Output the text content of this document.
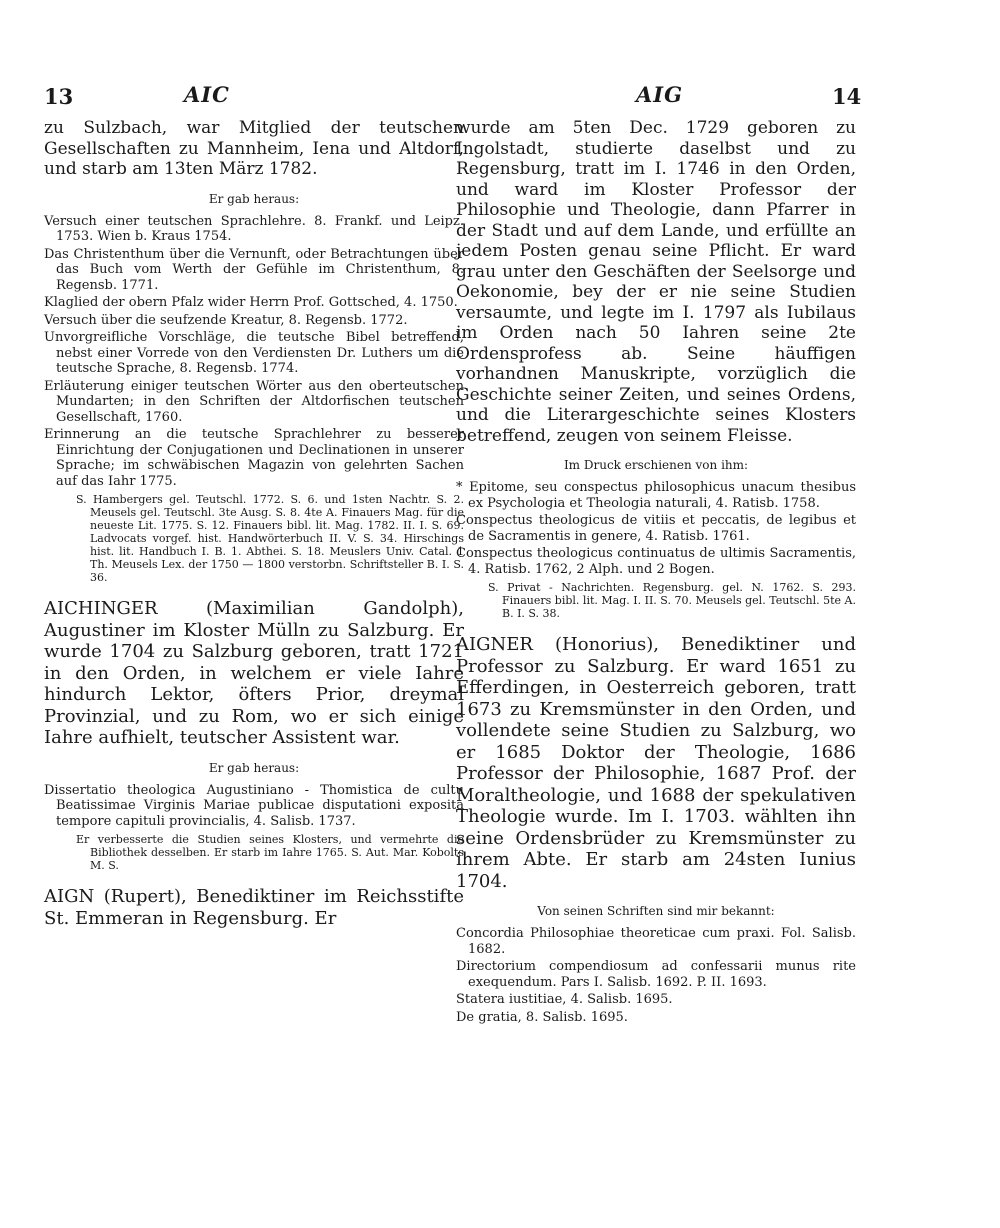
13	AIC	AIG	14

zu Sulzbach, war Mitglied der teutschen Gesellschaften zu Mannheim, Iena und Altdorf, und starb am 13ten März 1782.

Er gab heraus:

Versuch einer teutschen Sprachlehre. 8. Frankf. und Leipz. 1753. Wien b. Kraus 1754.

Das Christenthum über die Vernunft, oder Betrachtungen über das Buch vom Werth der Gefühle im Christenthum, 8. Regensb. 1771.

Klaglied der obern Pfalz wider Herrn Prof. Gottsched, 4. 1750.

Versuch über die seufzende Kreatur, 8. Regensb. 1772.

Unvorgreifliche Vorschläge, die teutsche Bibel betreffend, nebst einer Vorrede von den Verdiensten Dr. Luthers um die teutsche Sprache, 8. Regensb. 1774.

Erläuterung einiger teutschen Wörter aus den oberteutschen Mundarten; in den Schriften der Altdorfischen teutschen Gesellschaft, 1760.

Erinnerung an die teutsche Sprachlehrer zu besserer Einrichtung der Conjugationen und Declinationen in unserer Sprache; im schwäbischen Magazin von gelehrten Sachen auf das Iahr 1775.

S. Hambergers gel. Teutschl. 1772. S. 6. und 1sten Nachtr. S. 2. Meusels gel. Teutschl. 3te Ausg. S. 8. 4te A. Finauers Mag. für die neueste Lit. 1775. S. 12. Finauers bibl. lit. Mag. 1782. II. I. S. 69. Ladvocats vorgef. hist. Handwörterbuch II. V. S. 34. Hirschings hist. lit. Handbuch I. B. 1. Abthei. S. 18. Meuslers Univ. Catal. 1 Th. Meusels Lex. der 1750 — 1800 verstorbn. Schriftsteller B. I. S. 36.

AICHINGER (Maximilian Gandolph), Augustiner im Kloster Mülln zu Salzburg. Er wurde 1704 zu Salzburg geboren, tratt 1721 in den Orden, in welchem er viele Iahre hindurch Lektor, öfters Prior, dreymal Provinzial, und zu Rom, wo er sich einige Iahre aufhielt, teutscher Assistent war.

Er gab heraus:

Dissertatio theologica Augustiniano - Thomistica de cultu Beatissimae Virginis Mariae publicae disputationi exposita tempore capituli provincialis, 4. Salisb. 1737.

Er verbesserte die Studien seines Klosters, und vermehrte die Bibliothek desselben. Er starb im Iahre 1765. S. Aut. Mar. Kobolts M. S.

AIGN (Rupert), Benediktiner im Reichsstifte St. Emmeran in Regensburg. Er

wurde am 5ten Dec. 1729 geboren zu Ingolstadt, studierte daselbst und zu Regensburg, tratt im I. 1746 in den Orden, und ward im Kloster Professor der Philosophie und Theologie, dann Pfarrer in der Stadt und auf dem Lande, und erfüllte an jedem Posten genau seine Pflicht. Er ward grau unter den Geschäften der Seelsorge und Oekonomie, bey der er nie seine Studien versaumte, und legte im I. 1797 als Iubilaus im Orden nach 50 Iahren seine 2te Ordensprofess ab. Seine häuffigen vorhandnen Manuskripte, vorzüglich die Geschichte seiner Zeiten, und seines Ordens, und die Literargeschichte seines Klosters betreffend, zeugen von seinem Fleisse.

Im Druck erschienen von ihm:

* Epitome, seu conspectus philosophicus unacum thesibus ex Psychologia et Theologia naturali, 4. Ratisb. 1758.

Conspectus theologicus de vitiis et peccatis, de legibus et de Sacramentis in genere, 4. Ratisb. 1761.

Conspectus theologicus continuatus de ultimis Sacramentis, 4. Ratisb. 1762, 2 Alph. und 2 Bogen.

S. Privat - Nachrichten. Regensburg. gel. N. 1762. S. 293. Finauers bibl. lit. Mag. I. II. S. 70. Meusels gel. Teutschl. 5te A. B. I. S. 38.

AIGNER (Honorius), Benediktiner und Professor zu Salzburg. Er ward 1651 zu Efferdingen, in Oesterreich geboren, tratt 1673 zu Kremsmünster in den Orden, und vollendete seine Studien zu Salzburg, wo er 1685 Doktor der Theologie, 1686 Professor der Philosophie, 1687 Prof. der Moraltheologie, und 1688 der spekulativen Theologie wurde. Im I. 1703. wählten ihn seine Ordensbrüder zu Kremsmünster zu ihrem Abte. Er starb am 24sten Iunius 1704.

Von seinen Schriften sind mir bekannt:

Concordia Philosophiae theoreticae cum praxi. Fol. Salisb. 1682.

Directorium compendiosum ad confessarii munus rite exequendum. Pars I. Salisb. 1692. P. II. 1693.

Statera iustitiae, 4. Salisb. 1695.

De gratia, 8. Salisb. 1695.
